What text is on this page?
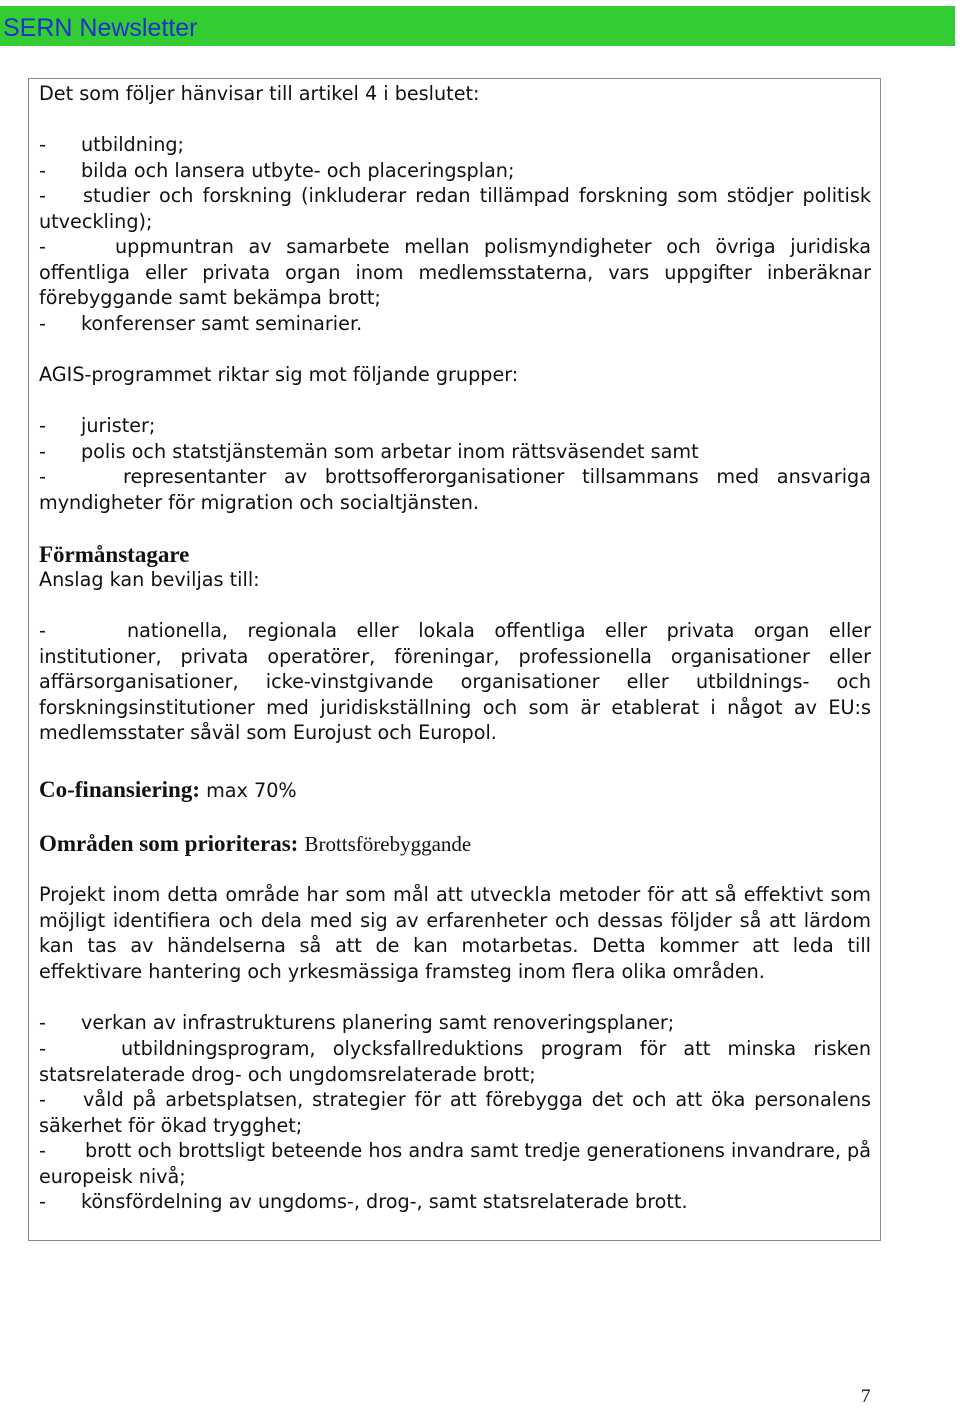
SERN Newsletter
Det som följer hänvisar till artikel 4 i beslutet:
- utbildning;
- bilda och lansera utbyte- och placeringsplan;
- studier och forskning (inkluderar redan tillämpad forskning som stödjer politisk utveckling);
-	uppmuntran av samarbete mellan polismyndigheter och övriga juridiska offentliga eller privata organ inom medlemsstaterna, vars uppgifter inberäknar förebyggande samt bekämpa brott;
- konferenser samt seminarier.
AGIS-programmet riktar sig mot följande grupper:
- jurister;
- polis och statstjänstemän som arbetar inom rättsväsendet samt
-	representanter av brottsofferorganisationer tillsammans med ansvariga myndigheter för migration och socialtjänsten.
Förmånstagare
Anslag kan beviljas till:
-	nationella, regionala eller lokala offentliga eller privata organ eller institutioner, privata operatörer, föreningar, professionella organisationer eller affärsorganisationer, icke-vinstgivande organisationer eller utbildnings- och forskningsinstitutioner med juridiskställning och som är etablerat i något av EU:s medlemsstater såväl som Eurojust och Europol.
Co-finansiering: max 70%
Områden som prioriteras: Brottsförebyggande
Projekt inom detta område har som mål att utveckla metoder för att så effektivt som möjligt identifiera och dela med sig av erfarenheter och dessas följder så att lärdom kan tas av händelserna så att de kan motarbetas. Detta kommer att leda till effektivare hantering och yrkesmässiga framsteg inom flera olika områden.
- verkan av infrastrukturens planering samt renoveringsplaner;
-	utbildningsprogram, olycksfallreduktions program för att minska risken statsrelaterade drog- och ungdomsrelaterade brott;
- våld på arbetsplatsen, strategier för att förebygga det och att öka personalens säkerhet för ökad trygghet;
- brott och brottsligt beteende hos andra samt tredje generationens invandrare, på europeisk nivå;
- könsfördelning av ungdoms-, drog-, samt statsrelaterade brott.
7
